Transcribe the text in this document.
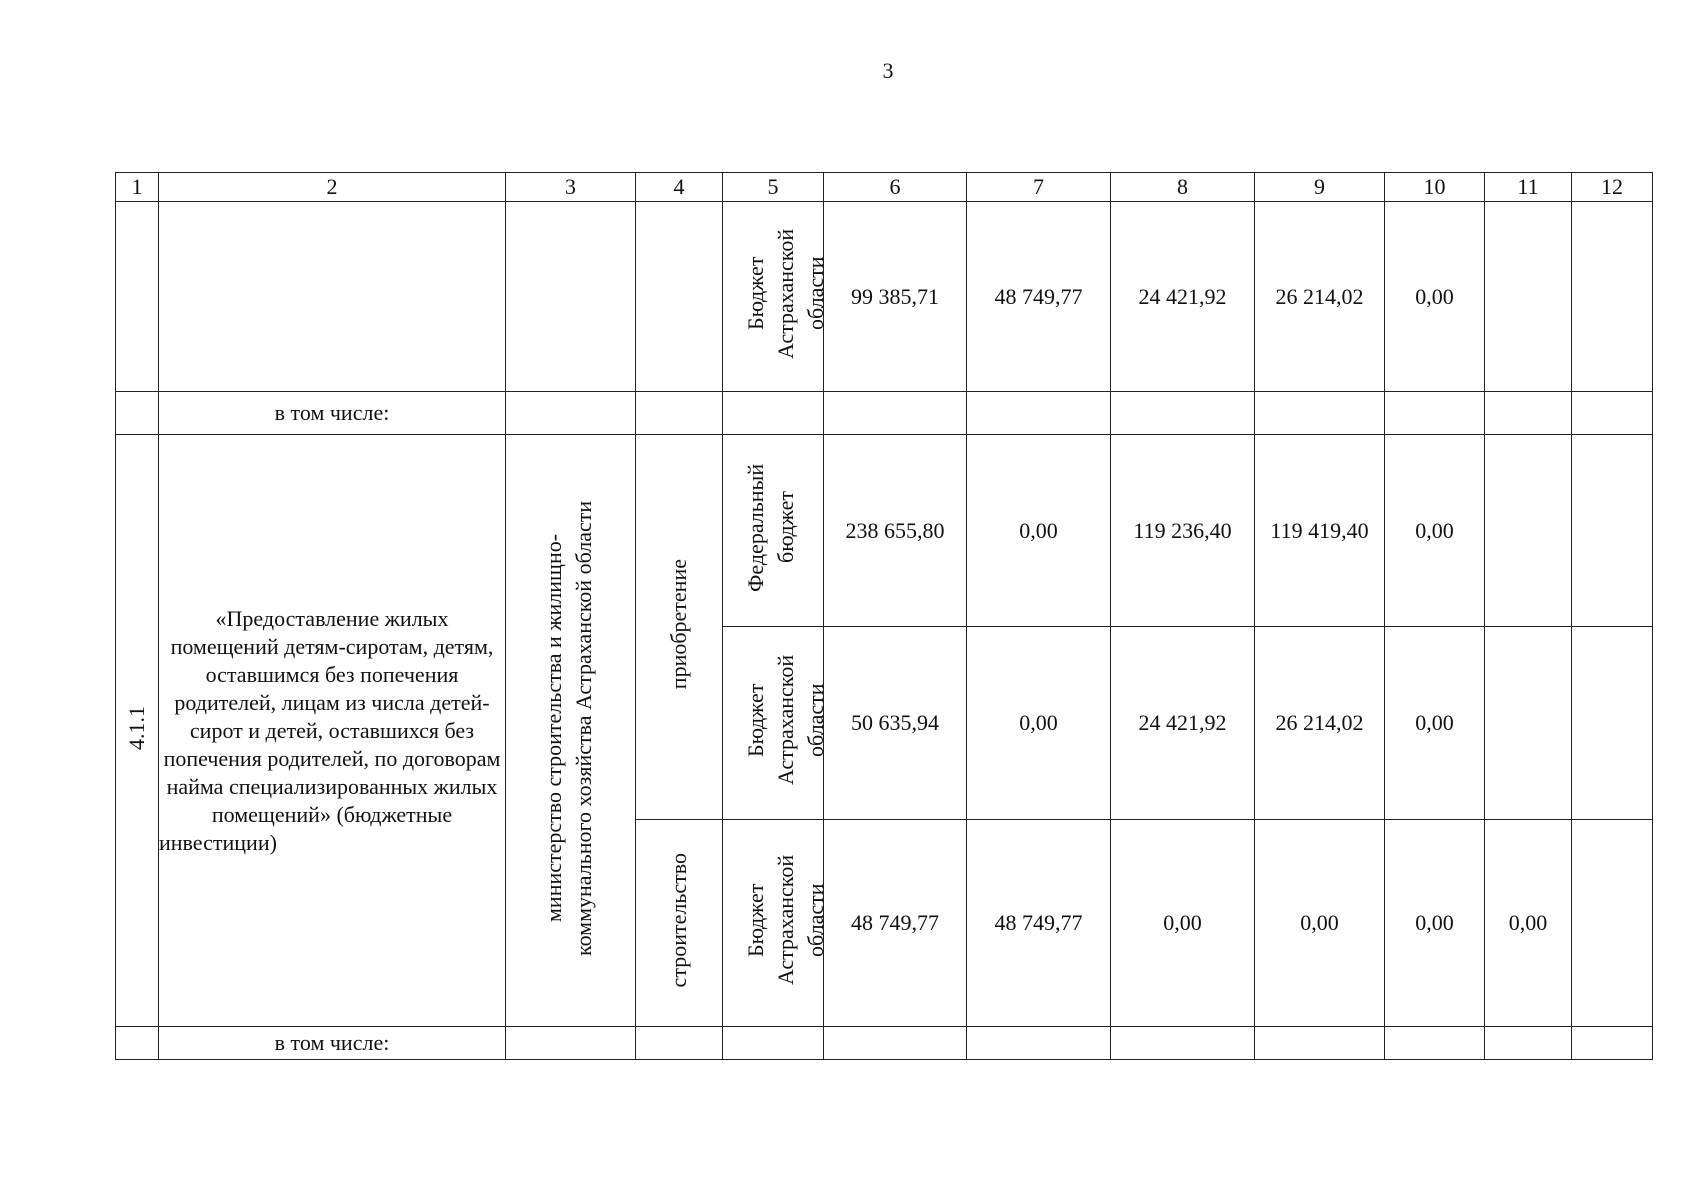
3
1	2	3	4	5	6	7	8	9	10	11	12
				Бюджет Астраханской области	99 385,71	48 749,77	24 421,92	26 214,02	0,00		
	в том числе:										
4.1.1	«Предоставление жилых помещений детям-сиротам, детям, оставшимся без попечения родителей, лицам из числа детей-сирот и детей, оставшихся без попечения родителей, по договорам найма специализированных жилых помещений» (бюджетные инвестиции)	министерство строительства и жилищно-коммунального хозяйства Астраханской области	приобретение	Федеральный бюджет	238 655,80	0,00	119 236,40	119 419,40	0,00		
				Бюджет Астраханской области	50 635,94	0,00	24 421,92	26 214,02	0,00		
			строительство	Бюджет Астраханской области	48 749,77	48 749,77	0,00	0,00	0,00	0,00	
	в том числе:										
